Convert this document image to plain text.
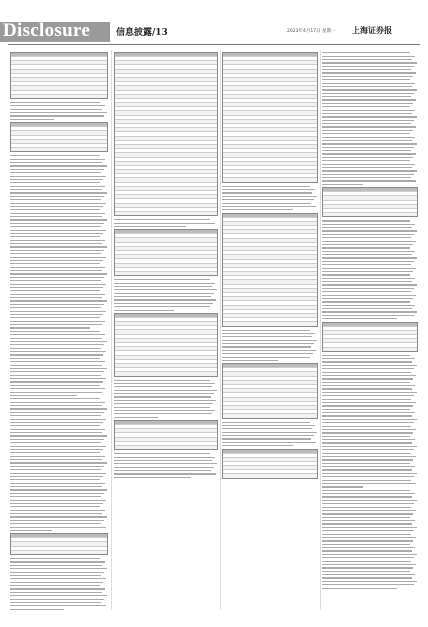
Disclosure	信息披露/13	2023年4月17日 星期一 上海证券报
